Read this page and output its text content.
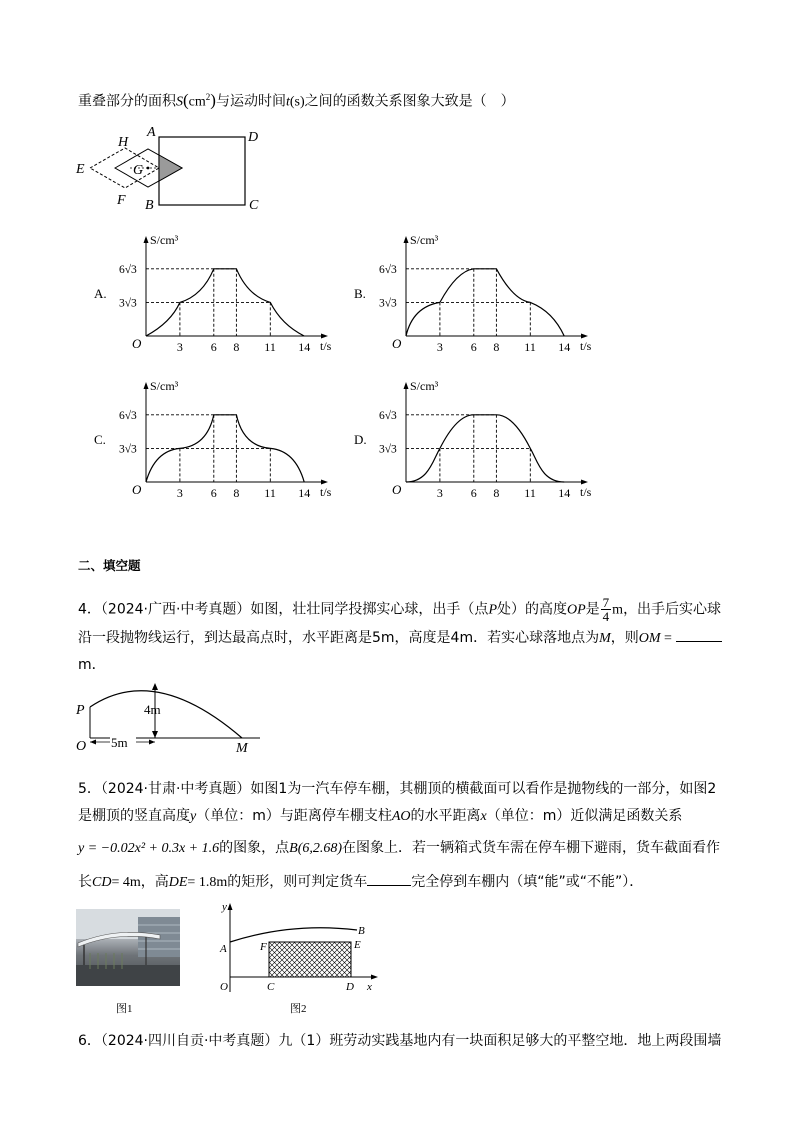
重叠部分的面积$S(cm^2)$与运动时间t(s)之间的函数关系图象大致是（　）
A	D
B	C
E
F
G
H
A.
O
S/cm³
t/s
6√3
3√3
3 6 8 11 14
B.
O
S/cm³
t/s
6√3
3√3
3 6 8 11 14
C.
O
S/cm³
t/s
6√3
3√3
3 6 8 11 14
D.
O
S/cm³
t/s
6√3
3√3
3 6 8 11 14
二、填空题
4．（2024·广西·中考真题）如图，壮壮同学投掷实心球，出手（点P处）的高度OP是 $\frac{7}{4}$ m，出手后实心球
沿一段抛物线运行，到达最高点时，水平距离是5m，高度是4m．若实心球落地点为M，则OM =
m．
P
O	M
4m
5m
5．（2024·甘肃·中考真题）如图1为一汽车停车棚，其棚顶的横截面可以看作是抛物线的一部分，如图2
是棚顶的竖直高度y（单位：m）与距离停车棚支柱AO的水平距离x（单位：m）近似满足函数关系
y = −0.02x² + 0.3x + 1.6的图象，点B(6,2.68)在图象上．若一辆箱式货车需在停车棚下避雨，货车截面看作
长CD= 4m，高DE= 1.8m的矩形，则可判定货车	完全停到车棚内（填“能”或“不能”）．
图1
y
x
A
B
E
F
O	C	D
图2
6．（2024·四川自贡·中考真题）九（1）班劳动实践基地内有一块面积足够大的平整空地．地上两段围墙
